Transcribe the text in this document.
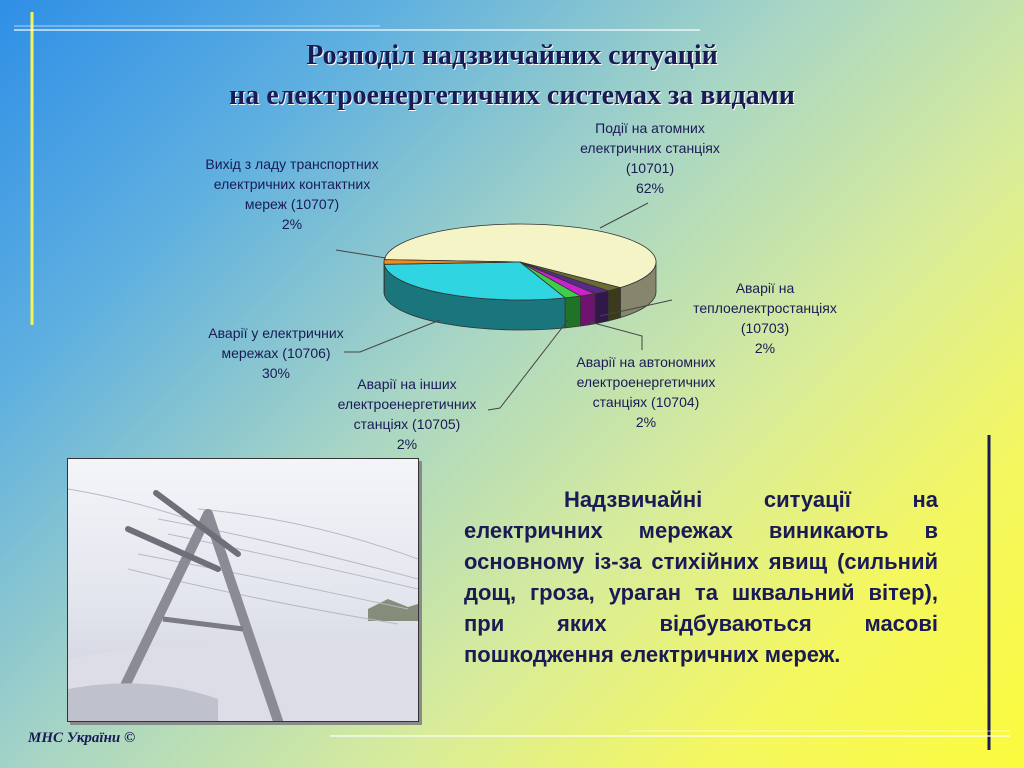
Розподіл надзвичайних ситуацій
на електроенергетичних системах за видами
Події на атомних
електричних станціях
(10701)
62%
Аварії на
теплоелектростанціях
(10703)
2%
Аварії на автономних
електроенергетичних
станціях (10704)
2%
Аварії на інших
електроенергетичних
станціях (10705)
2%
Аварії у електричних
мережах (10706)
30%
Вихід з ладу транспортних
електричних контактних
мереж (10707)
2%
Надзвичайні ситуації на електричних мережах виникають в основному із-за стихійних явищ (сильний дощ, гроза, ураган та шквальний вітер), при яких відбуваються масові пошкодження електричних мереж.
МНС України ©
